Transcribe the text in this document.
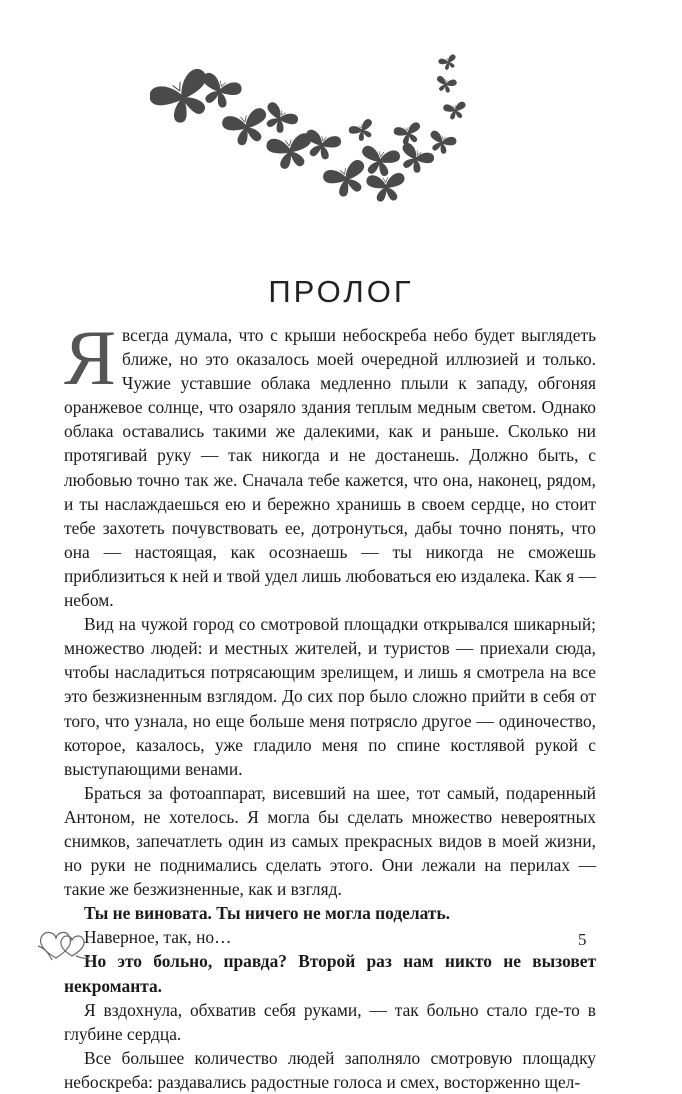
ПРОЛОГ

Явсегда думала, что с крыши небоскреба небо будет выглядеть ближе, но это оказалось моей очередной иллюзией и только. Чужие уставшие облака медленно плыли к западу, обгоняя оранжевое солнце, что озаряло здания теплым медным светом. Однако облака оставались такими же далекими, как и раньше. Сколько ни протягивай руку — так никогда и не достанешь. Должно быть, с любовью точно так же. Сначала тебе кажется, что она, наконец, рядом, и ты наслаждаешься ею и бережно хранишь в своем сердце, но стоит тебе захотеть почувствовать ее, дотронуться, дабы точно понять, что она — настоящая, как осознаешь — ты никогда не сможешь приблизиться к ней и твой удел лишь любоваться ею издалека. Как я — небом.

Вид на чужой город со смотровой площадки открывался шикарный; множество людей: и местных жителей, и туристов — приехали сюда, чтобы насладиться потрясающим зрелищем, и лишь я смотрела на все это безжизненным взглядом. До сих пор было сложно прийти в себя от того, что узнала, но еще больше меня потрясло другое — одиночество, которое, казалось, уже гладило меня по спине костлявой рукой с выступающими венами.

Браться за фотоаппарат, висевший на шее, тот самый, подаренный Антоном, не хотелось. Я могла бы сделать множество невероятных снимков, запечатлеть один из самых прекрасных видов в моей жизни, но руки не поднимались сделать этого. Они лежали на перилах — такие же безжизненные, как и взгляд.

Ты не виновата. Ты ничего не могла поделать.

Наверное, так, но…

Но это больно, правда? Второй раз нам никто не вызовет некроманта.

Я вздохнула, обхватив себя руками, — так больно стало где-то в глубине сердца.

Все большее количество людей заполняло смотровую площадку небоскреба: раздавались радостные голоса и смех, восторженно щел-

5
